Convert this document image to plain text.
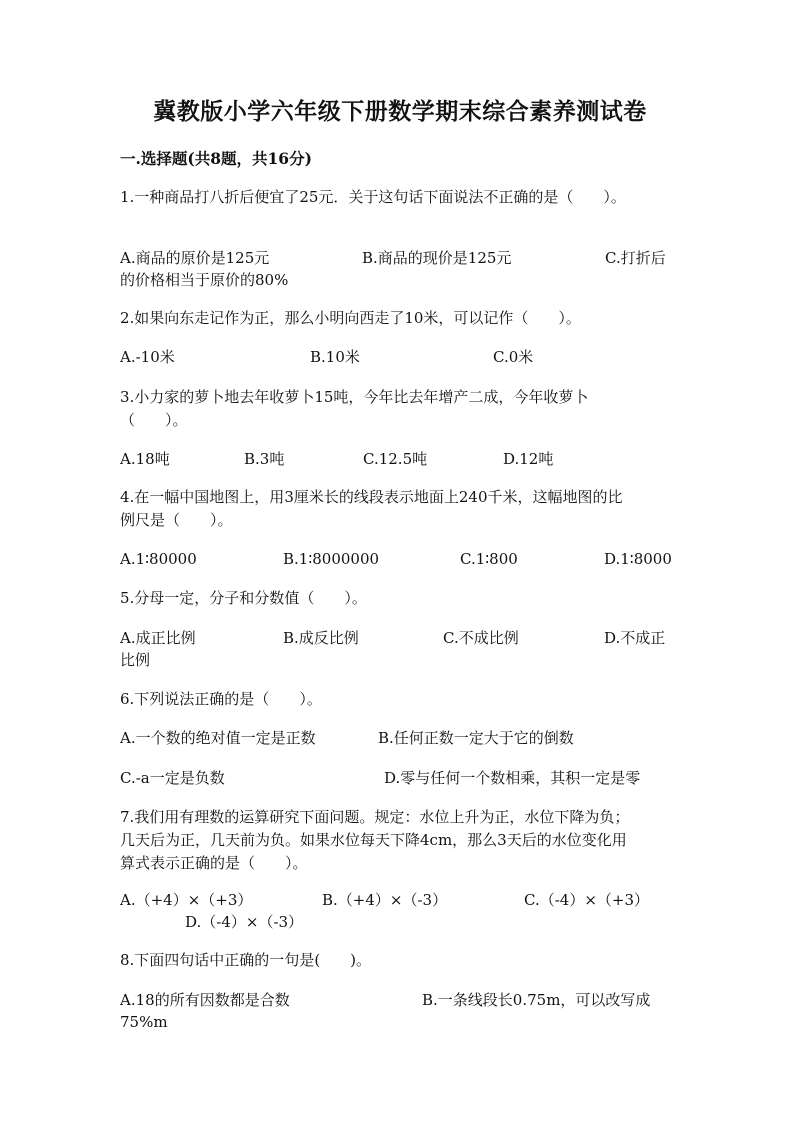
冀教版小学六年级下册数学期末综合素养测试卷
一.选择题(共8题，共16分)
1.一种商品打八折后便宜了25元．关于这句话下面说法不正确的是（　　）。
A.商品的原价是125元	B.商品的现价是125元	C.打折后
的价格相当于原价的80%
2.如果向东走记作为正，那么小明向西走了10米，可以记作（　　）。
A.-10米	B.10米	C.0米
3.小力家的萝卜地去年收萝卜15吨，今年比去年增产二成，今年收萝卜
（　　）。
A.18吨	B.3吨	C.12.5吨	D.12吨
4.在一幅中国地图上，用3厘米长的线段表示地面上240千米，这幅地图的比
例尺是（　　）。
A.1∶80000	B.1∶8000000	C.1∶800	D.1∶8000
5.分母一定，分子和分数值（　　）。
A.成正比例	B.成反比例	C.不成比例	D.不成正
比例
6.下列说法正确的是（　　）。
A.一个数的绝对值一定是正数	B.任何正数一定大于它的倒数
C.-a一定是负数	D.零与任何一个数相乘，其积一定是零
7.我们用有理数的运算研究下面问题。规定：水位上升为正，水位下降为负；
几天后为正，几天前为负。如果水位每天下降4cm，那么3天后的水位变化用
算式表示正确的是（　　）。
A.（+4）×（+3）	B.（+4）×（-3）	C.（-4）×（+3）
D.（-4）×（-3）
8.下面四句话中正确的一句是(　　)。
A.18的所有因数都是合数	B.一条线段长0.75m，可以改写成
75%m
